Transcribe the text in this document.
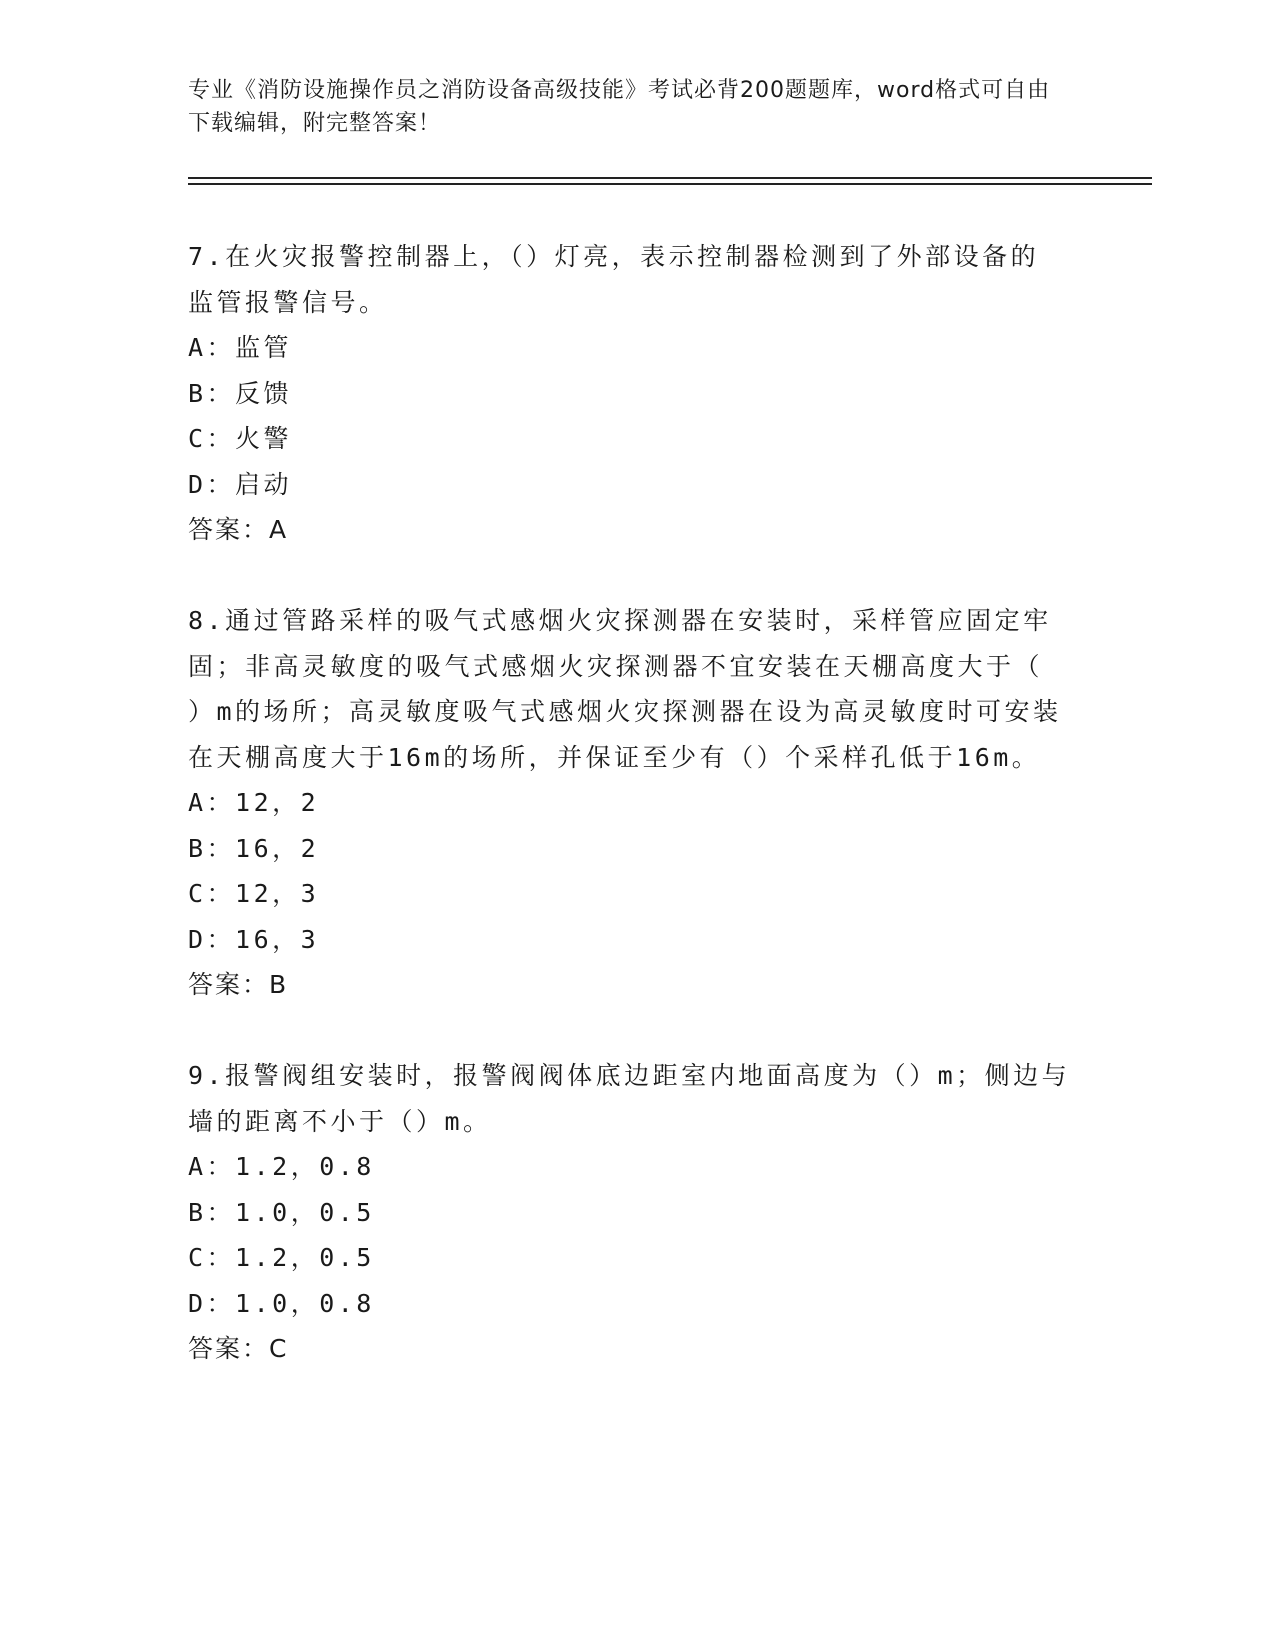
专业《消防设施操作员之消防设备高级技能》考试必背200题题库，word格式可自由下载编辑，附完整答案！

7.在火灾报警控制器上，（）灯亮，表示控制器检测到了外部设备的

监管报警信号。

A：监管

B：反馈

C：火警

D：启动

答案：A

8.通过管路采样的吸气式感烟火灾探测器在安装时，采样管应固定牢

固；非高灵敏度的吸气式感烟火灾探测器不宜安装在天棚高度大于（

）m的场所；高灵敏度吸气式感烟火灾探测器在设为高灵敏度时可安装

在天棚高度大于16m的场所，并保证至少有（）个采样孔低于16m。

A：12，2

B：16，2

C：12，3

D：16，3

答案：B

9.报警阀组安装时，报警阀阀体底边距室内地面高度为（）m；侧边与

墙的距离不小于（）m。

A：1.2，0.8

B：1.0，0.5

C：1.2，0.5

D：1.0，0.8

答案：C
